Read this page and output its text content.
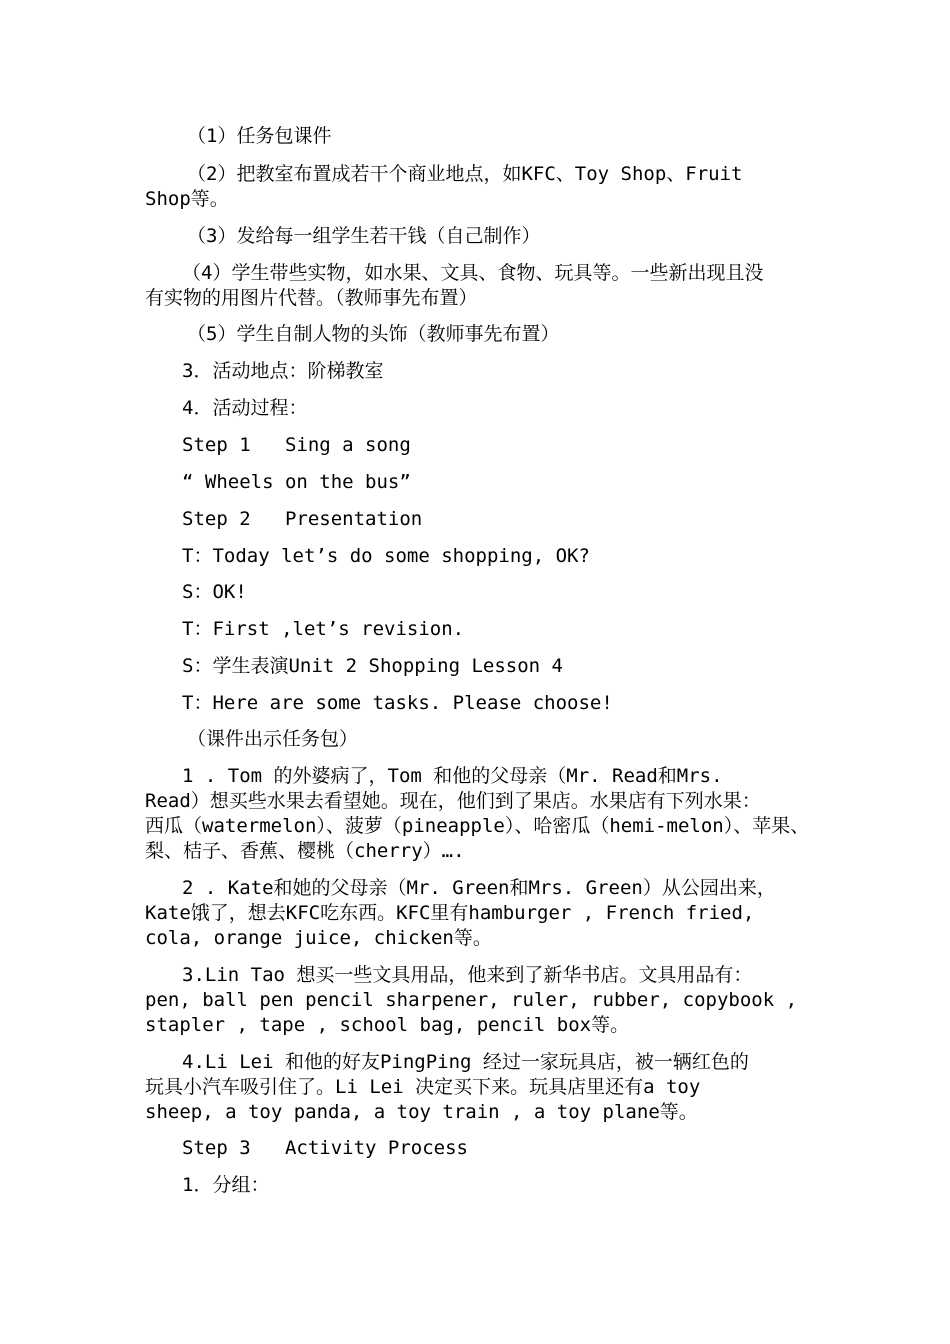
（1）任务包课件

（2）把教室布置成若干个商业地点，如KFC、Toy Shop、Fruit

Shop等。

（3）发给每一组学生若干钱（自己制作）

（4）学生带些实物，如水果、文具、食物、玩具等。一些新出现且没

有实物的用图片代替。（教师事先布置）

（5）学生自制人物的头饰（教师事先布置）

3．活动地点：阶梯教室

4．活动过程：

Step 1   Sing a song

“ Wheels on the bus”

Step 2   Presentation

T：Today let’s do some shopping, OK?

S：OK!

T：First ,let’s revision.

S：学生表演Unit 2 Shopping Lesson 4

T：Here are some tasks. Please choose!

（课件出示任务包）

1 . Tom 的外婆病了，Tom 和他的父母亲（Mr. Read和Mrs.

Read）想买些水果去看望她。现在，他们到了果店。水果店有下列水果：

西瓜（watermelon）、菠萝（pineapple）、哈密瓜（hemi-melon）、苹果、

梨、桔子、香蕉、樱桃（cherry）….

2 . Kate和她的父母亲（Mr. Green和Mrs. Green）从公园出来，

Kate饿了，想去KFC吃东西。KFC里有hamburger , French fried,

cola, orange juice, chicken等。

3.Lin Tao 想买一些文具用品，他来到了新华书店。文具用品有：

pen, ball pen pencil sharpener, ruler, rubber, copybook ,

stapler , tape , school bag, pencil box等。

4.Li Lei 和他的好友PingPing 经过一家玩具店，被一辆红色的

玩具小汽车吸引住了。Li Lei 决定买下来。玩具店里还有a toy

sheep, a toy panda, a toy train , a toy plane等。

Step 3   Activity Process

1．分组：
